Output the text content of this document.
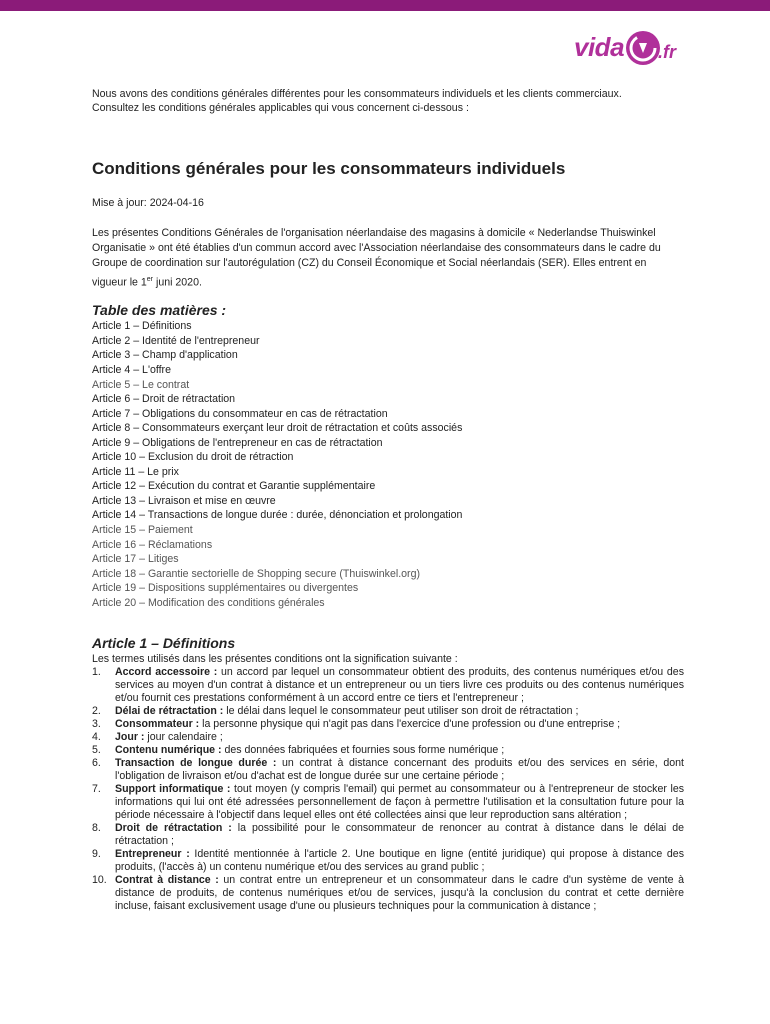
vida .fr

Nous avons des conditions générales différentes pour les consommateurs individuels et les clients commerciaux.
Consultez les conditions générales applicables qui vous concernent ci-dessous :

Conditions générales pour les consommateurs individuels

Mise à jour: 2024-04-16

Les présentes Conditions Générales de l'organisation néerlandaise des magasins à domicile « Nederlandse Thuiswinkel Organisatie » ont été établies d'un commun accord avec l'Association néerlandaise des consommateurs dans le cadre du Groupe de coordination sur l'autorégulation (CZ) du Conseil Économique et Social néerlandais (SER). Elles entrent en vigueur le 1er juni 2020.

Table des matières :
Article 1 – Définitions
Article 2 – Identité de l'entrepreneur
Article 3 – Champ d'application
Article 4 – L'offre
Article 5 – Le contrat
Article 6 – Droit de rétractation
Article 7 – Obligations du consommateur en cas de rétractation
Article 8 – Consommateurs exerçant leur droit de rétractation et coûts associés
Article 9 – Obligations de l'entrepreneur en cas de rétractation
Article 10 – Exclusion du droit de rétraction
Article 11 – Le prix
Article 12 – Exécution du contrat et Garantie supplémentaire
Article 13 – Livraison et mise en œuvre
Article 14 – Transactions de longue durée : durée, dénonciation et prolongation
Article 15 – Paiement
Article 16 – Réclamations
Article 17 – Litiges
Article 18 – Garantie sectorielle de Shopping secure (Thuiswinkel.org)
Article 19 – Dispositions supplémentaires ou divergentes
Article 20 – Modification des conditions générales
Article 1 – Définitions

Les termes utilisés dans les présentes conditions ont la signification suivante :

1. Accord accessoire : un accord par lequel un consommateur obtient des produits, des contenus numériques et/ou des services au moyen d'un contrat à distance et un entrepreneur ou un tiers livre ces produits ou des contenus numériques et/ou fournit ces prestations conformément à un accord entre ce tiers et l'entrepreneur ;
2. Délai de rétractation : le délai dans lequel le consommateur peut utiliser son droit de rétractation ;
3. Consommateur : la personne physique qui n'agit pas dans l'exercice d'une profession ou d'une entreprise ;
4. Jour : jour calendaire ;
5. Contenu numérique : des données fabriquées et fournies sous forme numérique ;
6. Transaction de longue durée : un contrat à distance concernant des produits et/ou des services en série, dont l'obligation de livraison et/ou d'achat est de longue durée sur une certaine période ;
7. Support informatique : tout moyen (y compris l'email) qui permet au consommateur ou à l'entrepreneur de stocker les informations qui lui ont été adressées personnellement de façon à permettre l'utilisation et la consultation future pour la période nécessaire à l'objectif dans lequel elles ont été collectées ainsi que leur reproduction sans altération ;
8. Droit de rétractation : la possibilité pour le consommateur de renoncer au contrat à distance dans le délai de rétractation ;
9. Entrepreneur : Identité mentionnée à l'article 2. Une boutique en ligne (entité juridique) qui propose à distance des produits, (l'accès à) un contenu numérique et/ou des services au grand public ;
10. Contrat à distance : un contrat entre un entrepreneur et un consommateur dans le cadre d'un système de vente à distance de produits, de contenus numériques et/ou de services, jusqu'à la conclusion du contrat et cette dernière incluse, faisant exclusivement usage d'une ou plusieurs techniques pour la communication à distance ;
